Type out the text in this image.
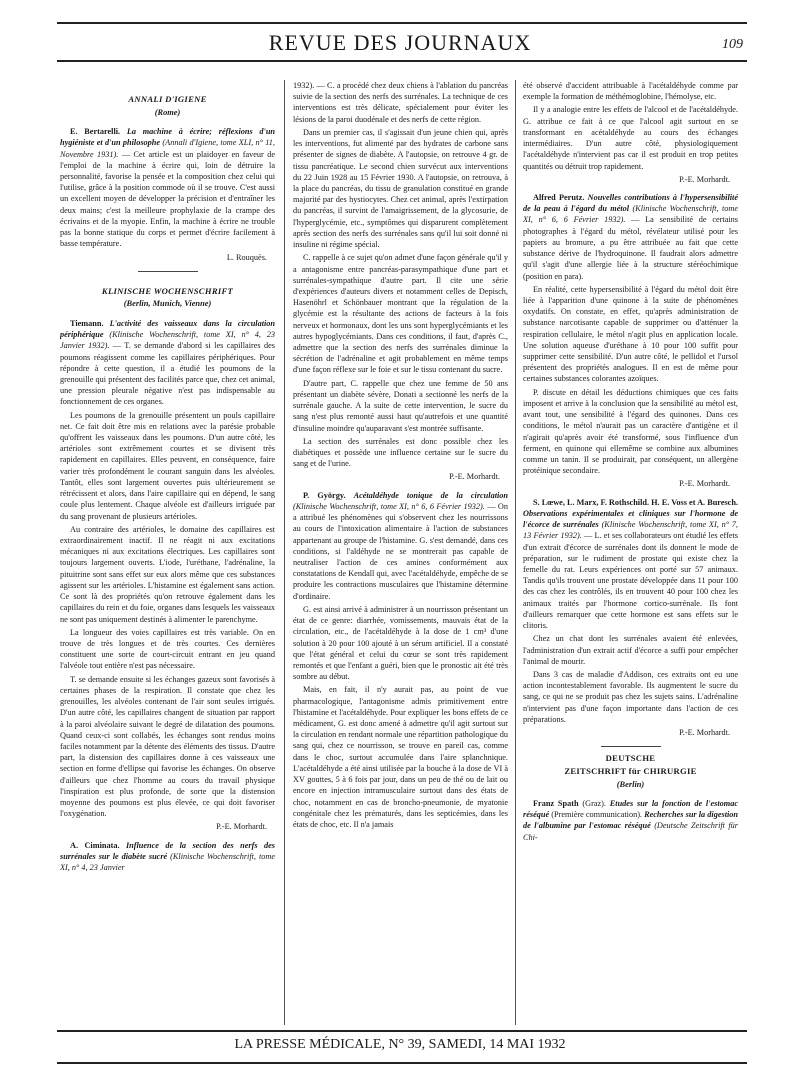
REVUE DES JOURNAUX	109
ANNALI D'IGIENE
(Rome)

E. Bertarelli. La machine à écrire; réflexions d'un hygiéniste et d'un philosophe (Annali d'Igiene, tome XLI, n° 11, Novembre 1931). — Cet article est un plaidoyer en faveur de l'emploi de la machine à écrire qui, loin de détruire la personnalité, favorise la pensée et la composition chez celui qui l'utilise, grâce à la position commode où il se trouve. C'est aussi un excellent moyen de développer la précision et d'entraîner les deux mains; c'est la meilleure prophylaxie de la crampe des écrivains et de la myopie. Enfin, la machine à écrire ne trouble pas la bonne statique du corps et permet d'écrire facilement à basse température.

L. Rouquès.
KLINISCHE WOCHENSCHRIFT
(Berlin, Munich, Vienne)

Tiemann. L'activité des vaisseaux dans la circulation périphérique (Klinische Wochenschrift, tome XI, n° 4, 23 Janvier 1932). — T. se demande d'abord si les capillaires des poumons réagissent comme les capillaires périphériques. Pour répondre à cette question, il a étudié les poumons de la grenouille qui présentent des facilités parce que, chez cet animal, une pression pleurale négative n'est pas indispensable au fonctionnement de ces organes.

Les poumons de la grenouille présentent un pouls capillaire net. Ce fait doit être mis en relations avec la parésie probable qu'offrent les vaisseaux dans les poumons. D'un autre côté, les artérioles sont extrêmement courtes et se divisent très rapidement en capillaires. Elles peuvent, en conséquence, faire varier très profondément le courant sanguin dans les alvéoles. Tantôt, elles sont largement ouvertes puis ultérieurement se rétrécissent et alors, dans l'aire capillaire qui en dépend, le sang coule plus lentement. Chaque alvéole est d'ailleurs irriguée par du sang provenant de plusieurs artérioles.

Au contraire des artérioles, le domaine des capillaires est extraordinairement inactif. Il ne réagit ni aux excitations mécaniques ni aux excitations électriques. Les capillaires sont toujours largement ouverts. L'iode, l'uréthane, l'adrénaline, la pituitrine sont sans effet sur eux alors même que ces substances agissent sur les artérioles. L'histamine est également sans action. Ce sont là des propriétés qu'on retrouve également dans les capillaires du rein et du foie, organes dans lesquels les vaisseaux ne sont pas uniquement destinés à alimenter le parenchyme.

La longueur des voies capillaires est très variable. On en trouve de très longues et de très courtes. Ces dernières constituent une sorte de court-circuit entrant en jeu quand l'alvéole tout entière n'est pas nécessaire.

T. se demande ensuite si les échanges gazeux sont favorisés à certaines phases de la respiration. Il constate que chez les grenouilles, les alvéoles contenant de l'air sont seules irrigués. D'un autre côté, les capillaires changent de situation par rapport à la paroi alvéolaire suivant le degré de dilatation des poumons. Quand ceux-ci sont collabés, les échanges sont rendus moins faciles notamment par la détente des éléments des tissus. D'autre part, la distension des capillaires donne à ces vaisseaux une section en forme d'ellipse qui favorise les échanges. On observe d'ailleurs que chez l'homme au cours du travail physique l'inspiration est plus profonde, de sorte que la distension moyenne des poumons est plus élevée, ce qui doit favoriser l'oxygénation.

P.-E. Morhardt.

A. Ciminata. Influence de la section des nerfs des surrénales sur le diabète sucré (Klinische Wochenschrift, tome XI, n° 4, 23 Janvier

1932). — C. a procédé chez deux chiens à l'ablation du pancréas suivie de la section des nerfs des surrénales. La technique de ces interventions est très délicate, spécialement pour éviter les lésions de la paroi duodénale et des nerfs de cette région.

Dans un premier cas, il s'agissait d'un jeune chien qui, après les interventions, fut alimenté par des hydrates de carbone sans présenter de signes de diabète. A l'autopsie, on retrouve 4 gr. de tissu pancréatique. Le second chien survécut aux interventions du 22 Juin 1928 au 15 Février 1930. A l'autopsie, on retrouva, à la place du pancréas, du tissu de granulation constitué en grande majorité par des hystiocytes. Chez cet animal, après l'extirpation du pancréas, il survint de l'amaigrissement, de la glycosurie, de l'hyperglycémie, etc., symptômes qui disparurent complètement après section des nerfs des surrénales sans qu'il lui soit donné ni insuline ni régime spécial.

C. rappelle à ce sujet qu'on admet d'une façon générale qu'il y a antagonisme entre pancréas-parasympathique d'une part et surrénales-sympathique d'autre part. Il cite une série d'expériences d'auteurs divers et notamment celles de Depisch, Hasenöhrl et Schönbauer montrant que la régulation de la glycémie est la résultante des actions de facteurs à la fois nerveux et hormonaux, dont les uns sont hyperglycémiants et les autres hypoglycémiants. Dans ces conditions, il faut, d'après C., admettre que la section des nerfs des surrénales diminue la sécrétion de l'adrénaline et agit probablement en même temps d'une façon réflexe sur le foie et sur le tissu contenant du sucre.

D'autre part, C. rappelle que chez une femme de 50 ans présentant un diabète sévère, Donati a sectionné les nerfs de la surrénale gauche. A la suite de cette intervention, le sucre du sang n'est plus remonté aussi haut qu'autrefois et une quantité d'insuline moindre qu'auparavant s'est montrée suffisante.

La section des surrénales est donc possible chez les diabétiques et possède une influence certaine sur le sucre du sang et de l'urine.

P.-E. Morhardt.

P. György. Acétaldéhyde tonique de la circulation (Klinische Wochenschrift, tome XI, n° 6, 6 Février 1932). — On a attribué les phénomènes qui s'observent chez les nourrissons au cours de l'intoxication alimentaire à l'action de substances appartenant au groupe de l'histamine. G. s'est demandé, dans ces conditions, si l'aldéhyde ne se montrerait pas capable de neutraliser l'action de ces amines conformément aux constatations de Kendall qui, avec l'acétaldéhyde, empêche de se produire les contractions musculaires que l'histamine détermine d'ordinaire.

G. est ainsi arrivé à administrer à un nourrisson présentant un état de ce genre: diarrhée, vomissements, mauvais état de la circulation, etc., de l'acétaldéhyde à la dose de 1 cm³ d'une solution à 20 pour 100 ajouté à un sérum artificiel. Il a constaté que l'état général et celui du cœur se sont très rapidement remontés et que l'enfant a guéri, bien que le pronostic ait été très sombre au début.

Mais, en fait, il n'y aurait pas, au point de vue pharmacologique, l'antagonisme admis primitivement entre l'histamine et l'acétaldéhyde. Pour expliquer les bons effets de ce médicament, G. est donc amené à admettre qu'il agit surtout sur la circulation en rendant normale une répartition pathologique du sang qui, chez ce nourrisson, se trouve en pareil cas, comme dans le choc, surtout accumulée dans l'aire splanchnique. L'acétaldéhyde a été ainsi utilisée par la bouche à la dose de VI à XV gouttes, 5 à 6 fois par jour, dans un peu de thé ou de lait ou encore en injection intramusculaire surtout dans des états de choc, notamment en cas de broncho-pneumonie, de myatonie congénitale chez les prématurés, dans les septicémies, dans les états de choc, etc. Il n'a jamais

été observé d'accident attribuable à l'acétaldéhyde comme par exemple la formation de méthémoglobine, l'hémolyse, etc.

Il y a analogie entre les effets de l'alcool et de l'acétaldéhyde. G. attribue ce fait à ce que l'alcool agit surtout en se transformant en acétaldéhyde au cours des échanges intermédiaires. D'un autre côté, physiologiquement l'acétaldéhyde n'intervient pas car il est produit en trop petites quantités ou détruit trop rapidement.

P.-E. Morhardt.

Alfred Perutz. Nouvelles contributions à l'hypersensibilité de la peau à l'égard du métol (Klinische Wochenschrift, tome XI, n° 6, 6 Février 1932). — La sensibilité de certains photographes à l'égard du métol, révélateur utilisé pour les papiers au bromure, a pu être attribuée au fait que cette substance dérive de l'hydroquinone. Il faudrait alors admettre qu'il s'agit d'une allergie liée à la structure stéréochimique (position en para).

En réalité, cette hypersensibilité à l'égard du métol doit être liée à l'apparition d'une quinone à la suite de phénomènes oxydatifs. On constate, en effet, qu'après administration de substance narcotisante capable de supprimer ou d'atténuer la respiration cellulaire, le métol n'agit plus en application locale. Une solution aqueuse d'uréthane à 10 pour 100 suffit pour supprimer cette sensibilité. D'un autre côté, le pellidol et l'ursol présentent des propriétés analogues. Il en est de même pour certaines substances colorantes azoïques.

P. discute en détail les déductions chimiques que ces faits imposent et arrive à la conclusion que la sensibilité au métol est, avant tout, une sensibilité à l'égard des quinones. Dans ces conditions, le métol n'aurait pas un caractère d'antigène et il n'agirait qu'après avoir été transformé, sous l'influence d'un ferment, en quinone qui ellemême se combine aux albumines comme un tanin. Il se produirait, par conséquent, un allergène protéinique secondaire.

P.-E. Morhardt.

S. Lœwe, L. Marx, F. Rothschild. H. E. Voss et A. Buresch. Observations expérimentales et cliniques sur l'hormone de l'écorce de surrénales (Klinische Wochenschrift, tome XI, n° 7, 13 Février 1932). — L. et ses collaborateurs ont étudié les effets d'un extrait d'écorce de surrénales dont ils donnent le mode de préparation, sur le rudiment de prostate qui existe chez la femelle du rat. Leurs expériences ont porté sur 57 animaux. Tandis qu'ils trouvent une prostate développée dans 11 pour 100 des cas chez les contrôlés, ils en trouvent 40 pour 100 chez les animaux traités par l'hormone cortico-surrénale. Ils font d'ailleurs remarquer que cette hormone est sans effets sur le clitoris.

Chez un chat dont les surrénales avaient été enlevées, l'administration d'un extrait actif d'écorce a suffi pour empêcher l'animal de mourir.

Dans 3 cas de maladie d'Addison, ces extraits ont eu une action incontestablement favorable. Ils augmentent le sucre du sang, ce qui ne se produit pas chez les sujets sains. L'adrénaline n'intervient pas d'une façon importante dans l'action de ces préparations.

P.-E. Morhardt.
DEUTSCHE
ZEITSCHRIFT für CHIRURGIE
(Berlin)

Franz Spath (Graz). Etudes sur la fonction de l'estomac réséqué (Première communication). Recherches sur la digestion de l'albumine par l'estomac réséqué (Deutsche Zeitschrift für Chi-

LA PRESSE MÉDICALE, N° 39, SAMEDI, 14 MAI 1932
